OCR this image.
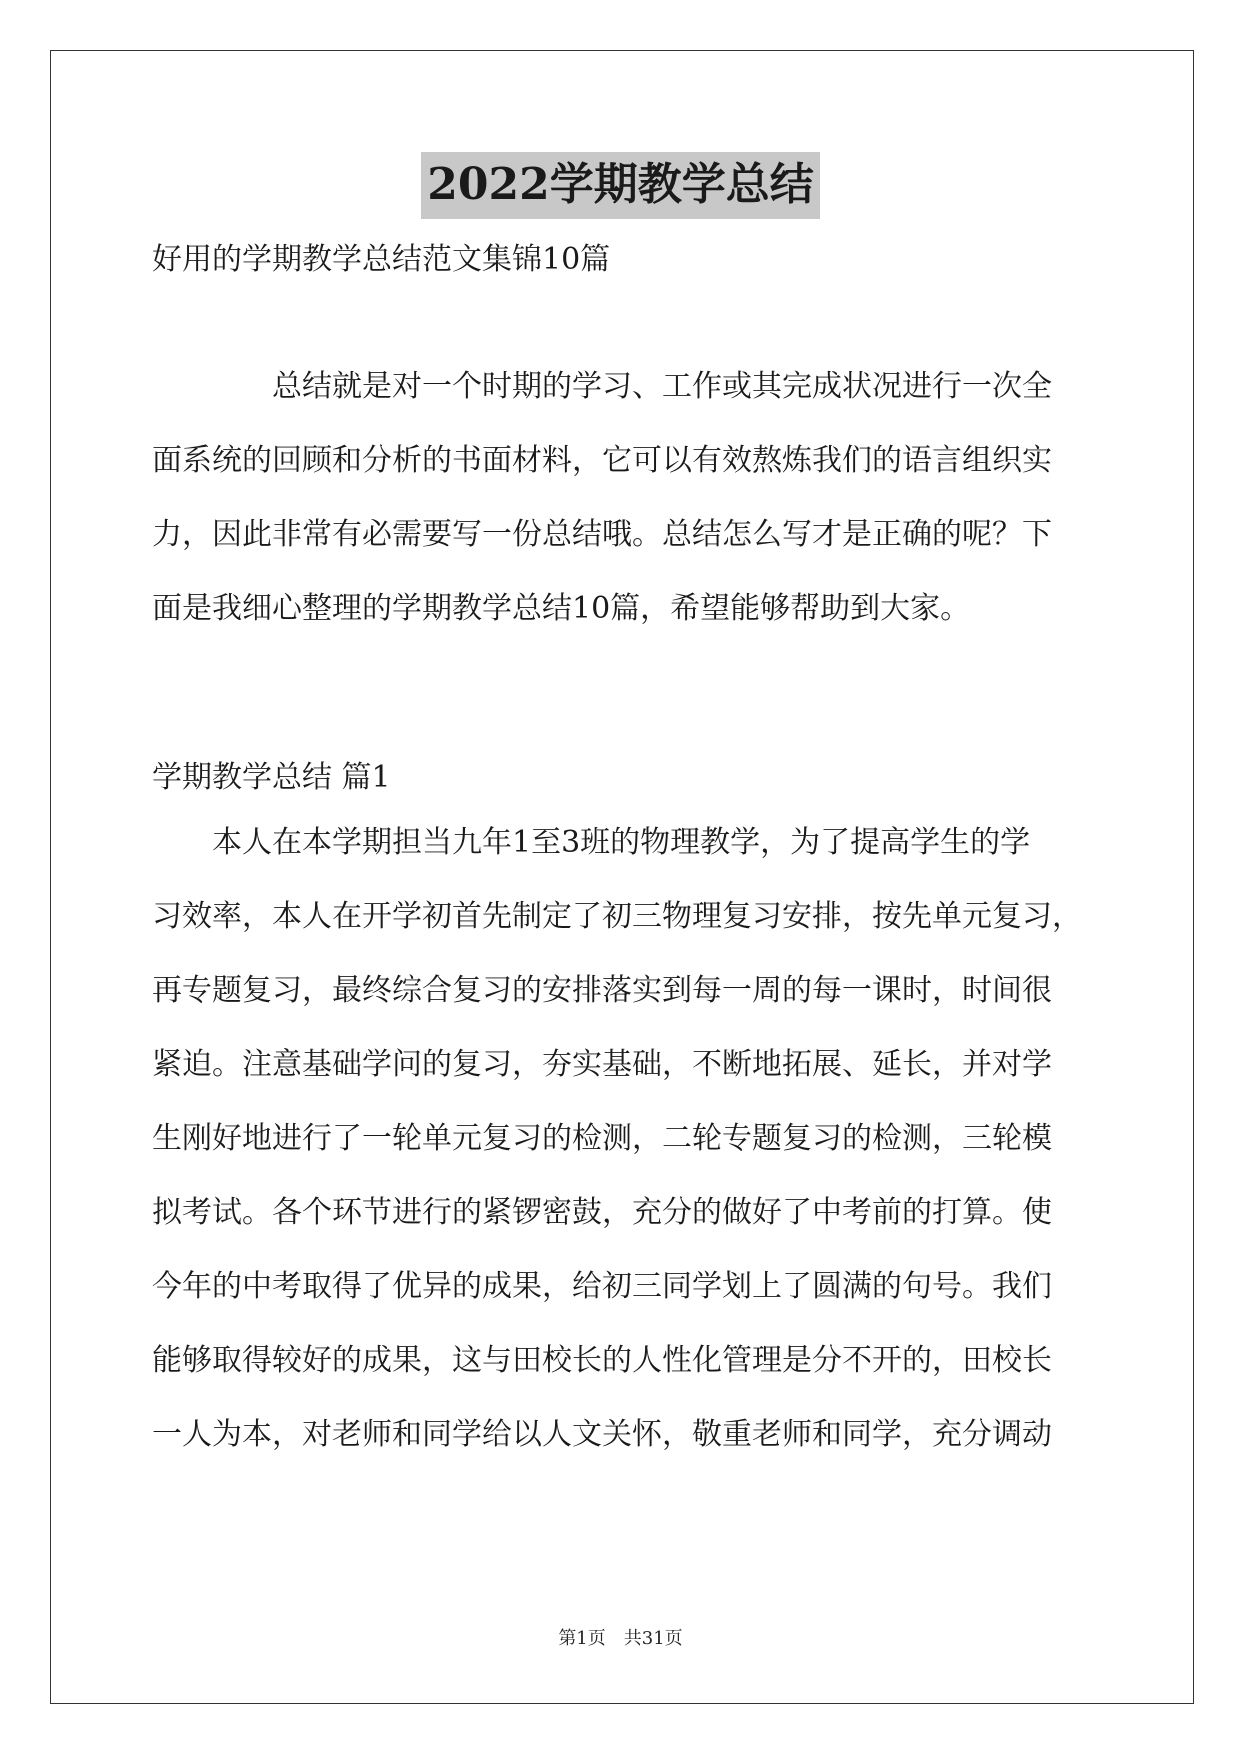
2022学期教学总结
好用的学期教学总结范文集锦10篇
　　　　总结就是对一个时期的学习、工作或其完成状况进行一次全
面系统的回顾和分析的书面材料，它可以有效熬炼我们的语言组织实
力，因此非常有必需要写一份总结哦。总结怎么写才是正确的呢？下
面是我细心整理的学期教学总结10篇，希望能够帮助到大家。
学期教学总结 篇1
　　本人在本学期担当九年1至3班的物理教学，为了提高学生的学
习效率，本人在开学初首先制定了初三物理复习安排，按先单元复习，
再专题复习，最终综合复习的安排落实到每一周的每一课时，时间很
紧迫。注意基础学问的复习，夯实基础，不断地拓展、延长，并对学
生刚好地进行了一轮单元复习的检测，二轮专题复习的检测，三轮模
拟考试。各个环节进行的紧锣密鼓，充分的做好了中考前的打算。使
今年的中考取得了优异的成果，给初三同学划上了圆满的句号。我们
能够取得较好的成果，这与田校长的人性化管理是分不开的，田校长
一人为本，对老师和同学给以人文关怀，敬重老师和同学，充分调动
第1页　共31页
